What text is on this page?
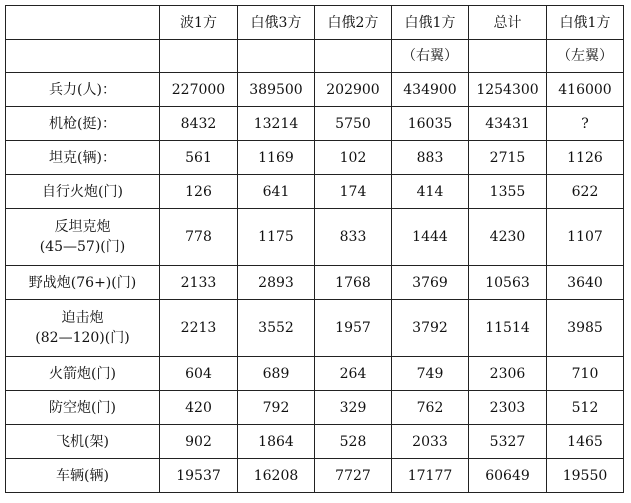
	波1方	白俄3方	白俄2方	白俄1方	总计	白俄1方
				（右翼）		（左翼）

兵力(人)：	227000	389500	202900	434900	1254300	416000

机枪(挺)：	8432	13214	5750	16035	43431	?

坦克(辆)：	561	1169	102	883	2715	1126

自行火炮(门)	126	641	174	414	1355	622

反坦克炮
(45—57)(门)	778	1175	833	1444	4230	1107

野战炮(76+)(门)	2133	2893	1768	3769	10563	3640

迫击炮
(82—120)(门)	2213	3552	1957	3792	11514	3985

火箭炮(门)	604	689	264	749	2306	710

防空炮(门)	420	792	329	762	2303	512

飞机(架)	902	1864	528	2033	5327	1465

车辆(辆)	19537	16208	7727	17177	60649	19550
